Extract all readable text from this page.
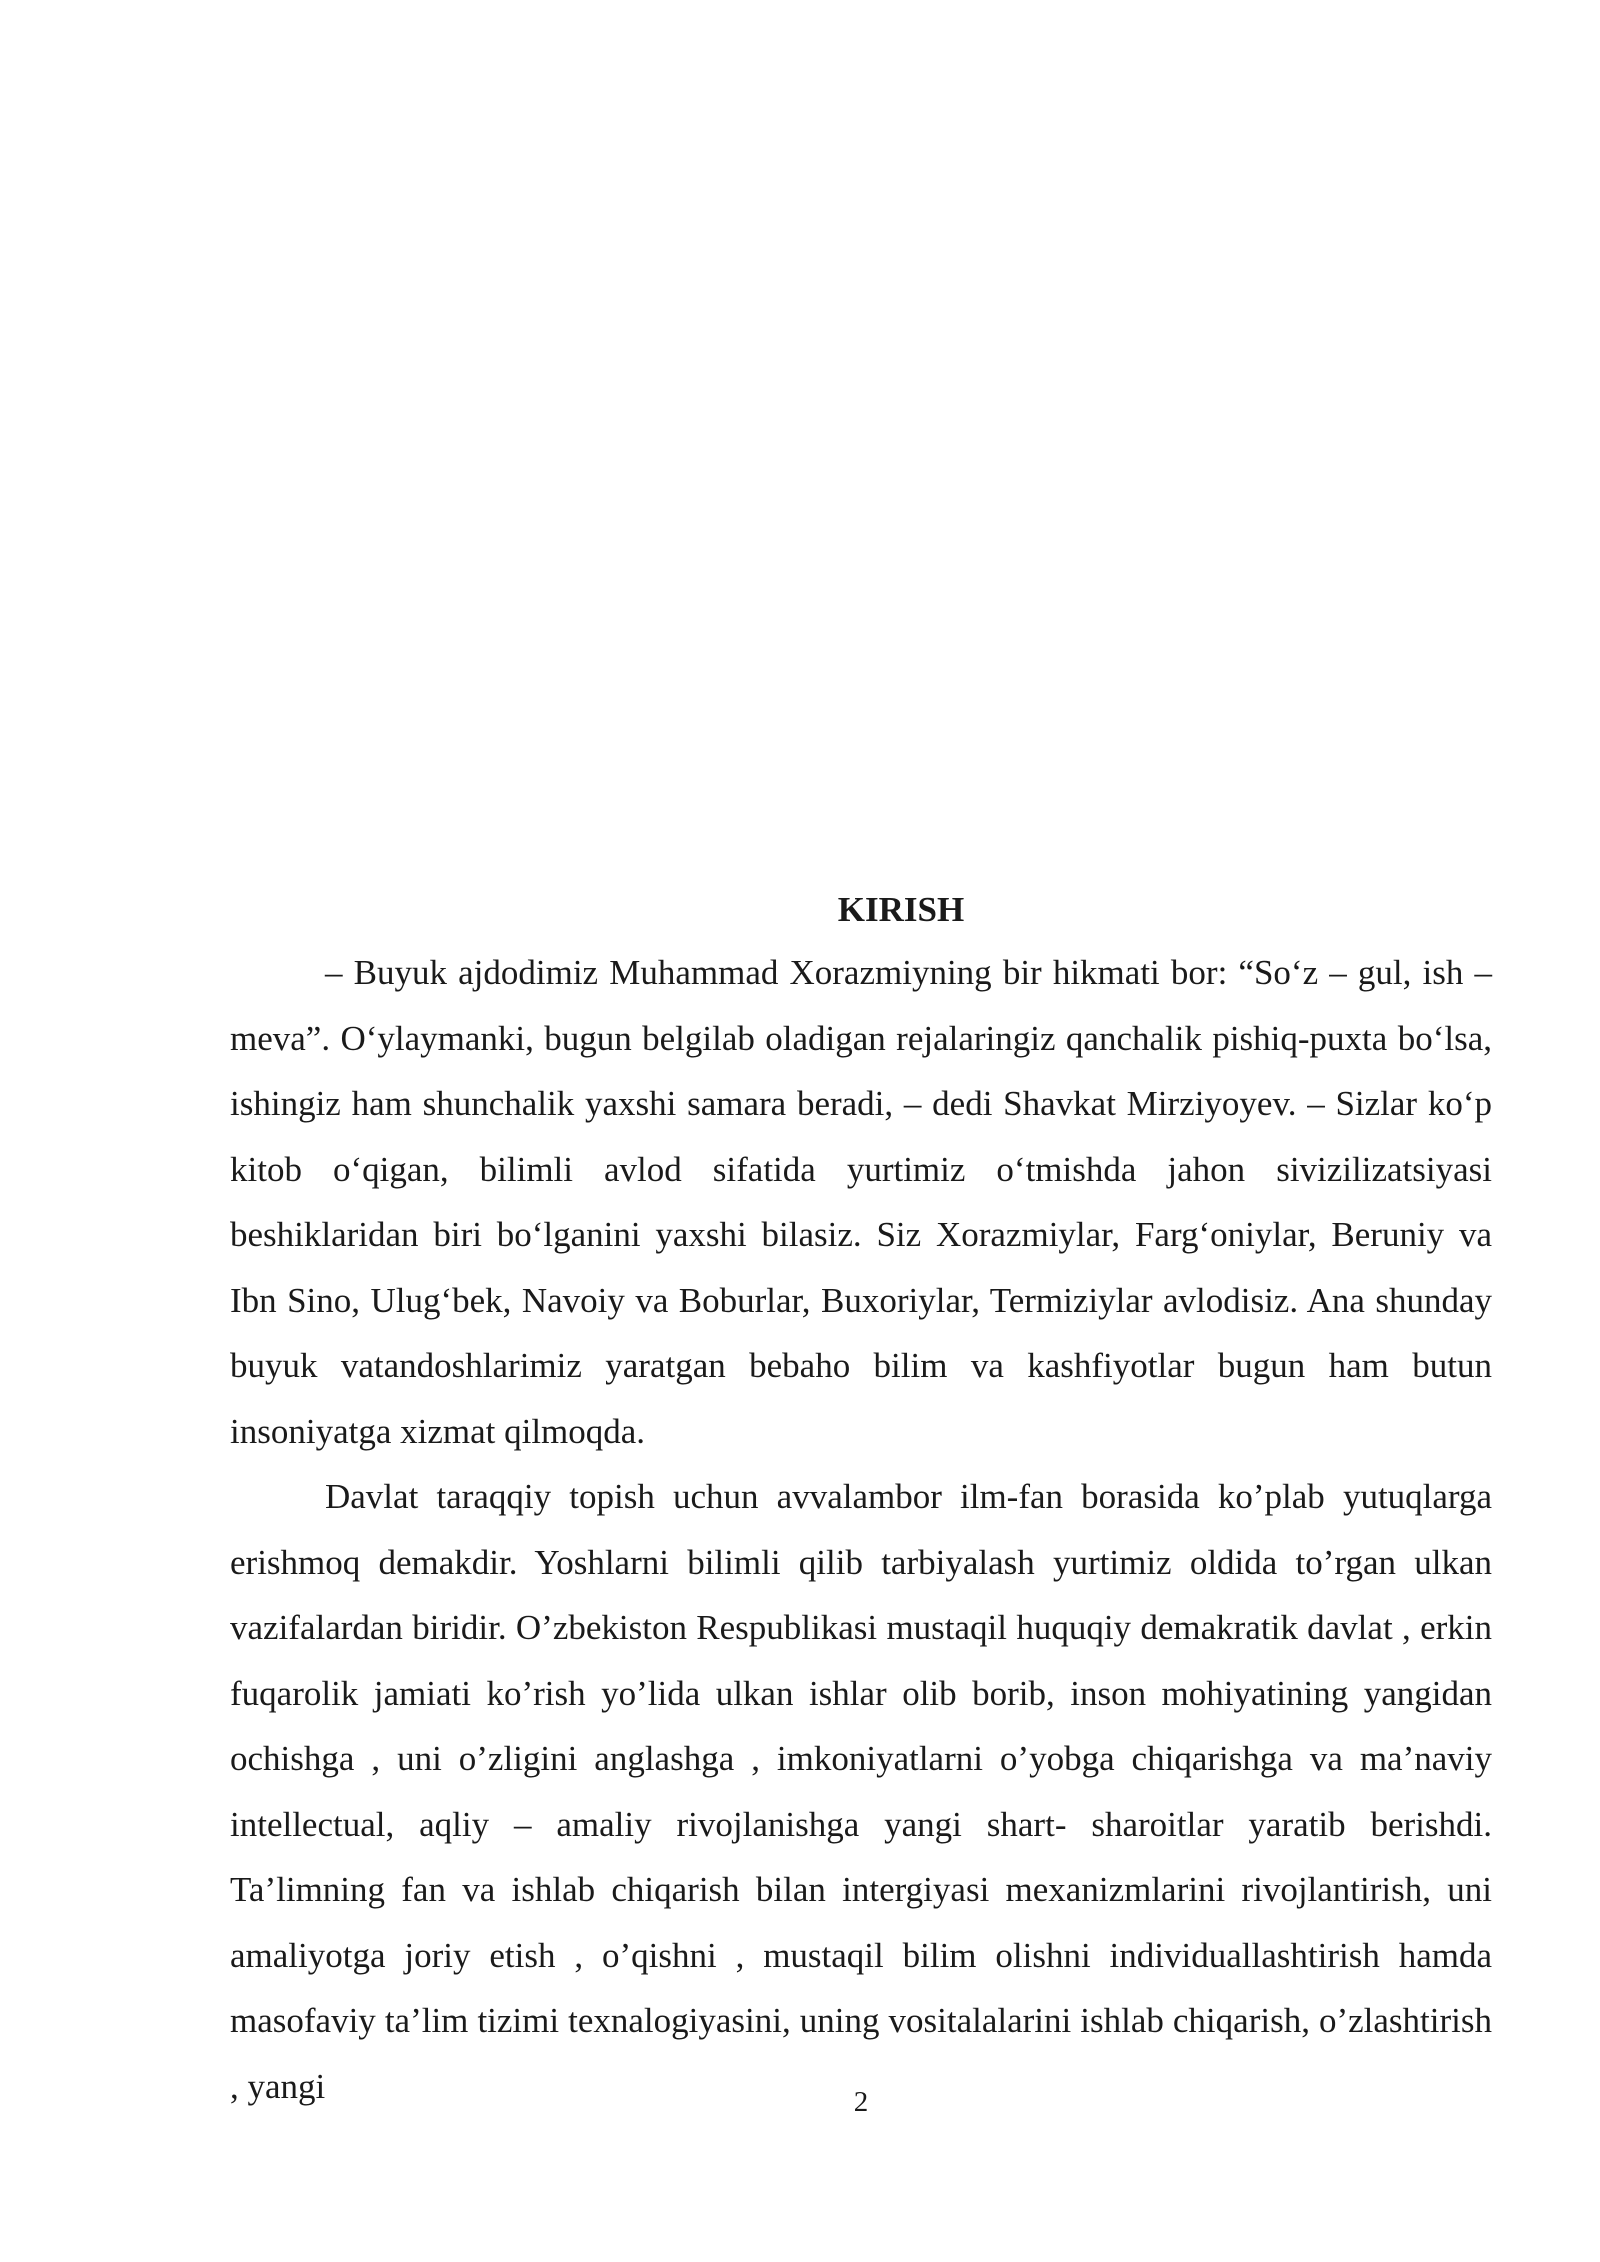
KIRISH

– Buyuk ajdodimiz Muhammad Xorazmiyning bir hikmati bor: “So‘z – gul, ish – meva”. O‘ylaymanki, bugun belgilab oladigan rejalaringiz qanchalik pishiq-puxta bo‘lsa, ishingiz ham shunchalik yaxshi samara beradi, – dedi Shavkat Mirziyoyev. – Sizlar ko‘p kitob o‘qigan, bilimli avlod sifatida yurtimiz o‘tmishda jahon sivizilizatsiyasi beshiklaridan biri bo‘lganini yaxshi bilasiz. Siz Xorazmiylar, Farg‘oniylar, Beruniy va Ibn Sino, Ulug‘bek, Navoiy va Boburlar, Buxoriylar, Termiziylar avlodisiz. Ana shunday buyuk vatandoshlarimiz yaratgan bebaho bilim va kashfiyotlar bugun ham butun insoniyatga xizmat qilmoqda.

Davlat taraqqiy topish uchun avvalambor ilm-fan borasida ko’plab yutuqlarga erishmoq demakdir. Yoshlarni bilimli qilib tarbiyalash yurtimiz oldida to’rgan ulkan vazifalardan biridir. O’zbekiston Respublikasi mustaqil huquqiy demakratik davlat , erkin fuqarolik jamiati ko’rish yo’lida ulkan ishlar olib borib, inson mohiyatining yangidan ochishga , uni o’zligini anglashga , imkoniyatlarni o’yobga chiqarishga va ma’naviy intellectual, aqliy – amaliy rivojlanishga yangi shart- sharoitlar yaratib berishdi. Ta’limning fan va ishlab chiqarish bilan intergiyasi mexanizmlarini rivojlantirish, uni amaliyotga joriy etish , o’qishni , mustaqil bilim olishni individuallashtirish hamda masofaviy ta’lim tizimi texnalogiyasini, uning vositalalarini ishlab chiqarish, o’zlashtirish , yangi	2
